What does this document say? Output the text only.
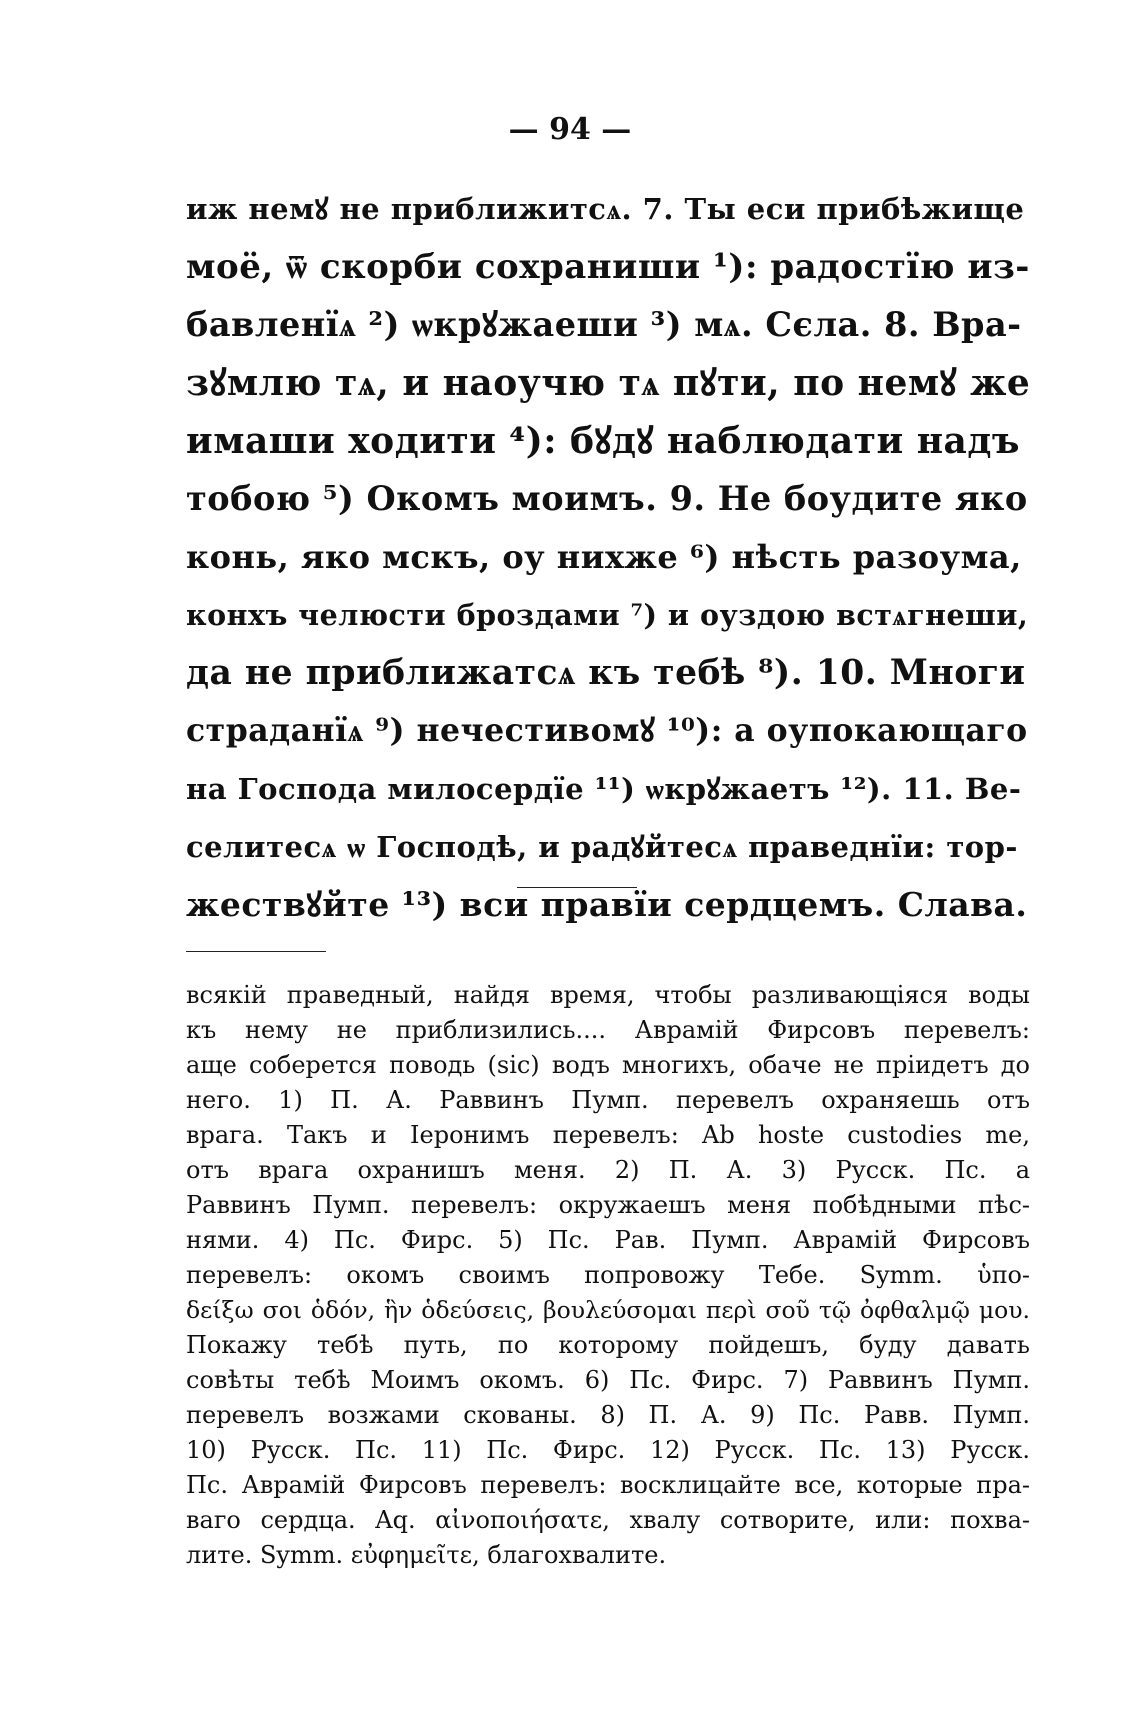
— 94 —
иж немꙋ не приближитсѧ. 7. Ты еси прибѣжище
моё, ѿ скорби сохраниши ¹): радостїю из-
бавленїѧ ²) ѡкрꙋжаеши ³) мѧ. Сєла. 8. Вра-
зꙋмлю тѧ, и наоучю тѧ пꙋти, по немꙋ же
имаши ходити ⁴): бꙋдꙋ наблюдати надъ
тобою ⁵) Окомъ моимъ. 9. Не боудите яко
конь, яко мскъ, оу нихже ⁶) нѣсть разоума,
конхъ челюсти броздами ⁷) и оуздою встѧгнеши,
да не приближатсѧ къ тебѣ ⁸). 10. Многи
страданїѧ ⁹) нечестивомꙋ ¹⁰): а оупокающаго
на Господа милосердїе ¹¹) ѡкрꙋжаетъ ¹²). 11. Ве-
селитесѧ ѡ Господѣ, и радꙋйтесѧ праведнїи: тор-
жествꙋйте ¹³) вси правїи сердцемъ. Слава.
всякій праведный, найдя время, чтобы разливающіяся воды
къ нему не приблизились.... Аврамій Фирсовъ перевелъ:
аще соберется поводь (sic) водъ многихъ, обаче не пріидетъ до
него. 1) П. А. Раввинъ Пумп. перевелъ охраняешь отъ
врага. Такъ и Іеронимъ перевелъ: Ab hoste custodies me,
отъ врага охранишъ меня. 2) П. А. 3) Русск. Пс. а
Раввинъ Пумп. перевелъ: окружаешъ меня побѣдными пѣс-
нями. 4) Пс. Фирс. 5) Пс. Рав. Пумп. Аврамій Фирсовъ
перевелъ: окомъ своимъ попровожу Тебе. Symm. ὑπο-
δείξω σοι ὁδόν, ἣν ὁδεύσεις, βουλεύσομαι περὶ σοῦ τῷ ὀφθαλμῷ μου.
Покажу тебѣ путь, по которому пойдешъ, буду давать
совѣты тебѣ Моимъ окомъ. 6) Пс. Фирс. 7) Раввинъ Пумп.
перевелъ возжами скованы. 8) П. А. 9) Пс. Равв. Пумп.
10) Русск. Пс. 11) Пс. Фирс. 12) Русск. Пс. 13) Русск.
Пс. Аврамій Фирсовъ перевелъ: восклицайте все, которые пра-
ваго сердца. Aq. αἰνοποιήσατε, хвалу сотворите, или: похва-
лите. Symm. εὐφημεῖτε, благохвалите.
